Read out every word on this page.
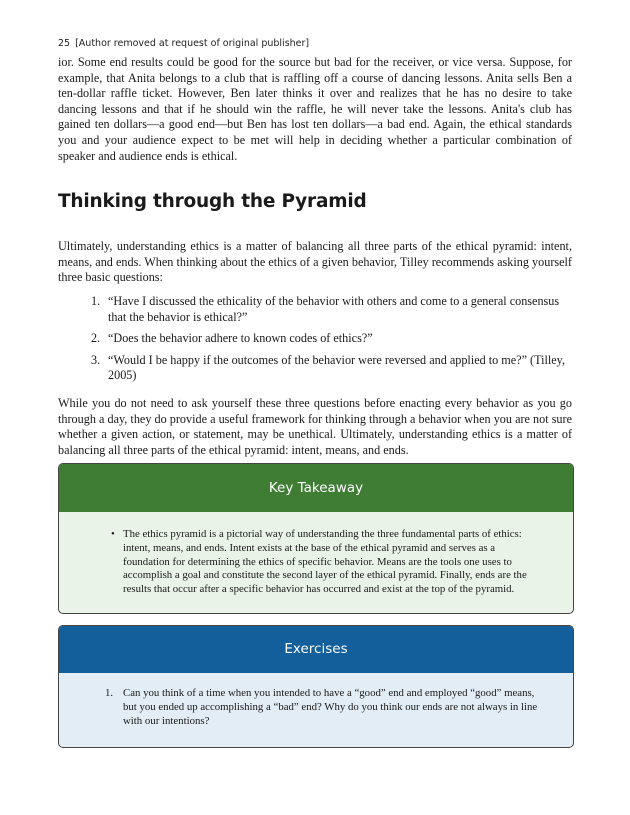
25 [Author removed at request of original publisher]

ior. Some end results could be good for the source but bad for the receiver, or vice versa. Suppose, for example, that Anita belongs to a club that is raffling off a course of dancing lessons. Anita sells Ben a ten-dollar raffle ticket. However, Ben later thinks it over and realizes that he has no desire to take dancing lessons and that if he should win the raffle, he will never take the lessons. Anita's club has gained ten dollars—a good end—but Ben has lost ten dollars—a bad end. Again, the ethical standards you and your audience expect to be met will help in deciding whether a particular combination of speaker and audience ends is ethical.

Thinking through the Pyramid

Ultimately, understanding ethics is a matter of balancing all three parts of the ethical pyramid: intent, means, and ends. When thinking about the ethics of a given behavior, Tilley recommends asking yourself three basic questions:

1. “Have I discussed the ethicality of the behavior with others and come to a general consensus that the behavior is ethical?”
2. “Does the behavior adhere to known codes of ethics?”
3. “Would I be happy if the outcomes of the behavior were reversed and applied to me?” (Tilley, 2005)

While you do not need to ask yourself these three questions before enacting every behavior as you go through a day, they do provide a useful framework for thinking through a behavior when you are not sure whether a given action, or statement, may be unethical. Ultimately, understanding ethics is a matter of balancing all three parts of the ethical pyramid: intent, means, and ends.

Key Takeaway
• The ethics pyramid is a pictorial way of understanding the three fundamental parts of ethics: intent, means, and ends. Intent exists at the base of the ethical pyramid and serves as a foundation for determining the ethics of specific behavior. Means are the tools one uses to accomplish a goal and constitute the second layer of the ethical pyramid. Finally, ends are the results that occur after a specific behavior has occurred and exist at the top of the pyramid.
Exercises
1. Can you think of a time when you intended to have a “good” end and employed “good” means, but you ended up accomplishing a “bad” end? Why do you think our ends are not always in line with our intentions?
